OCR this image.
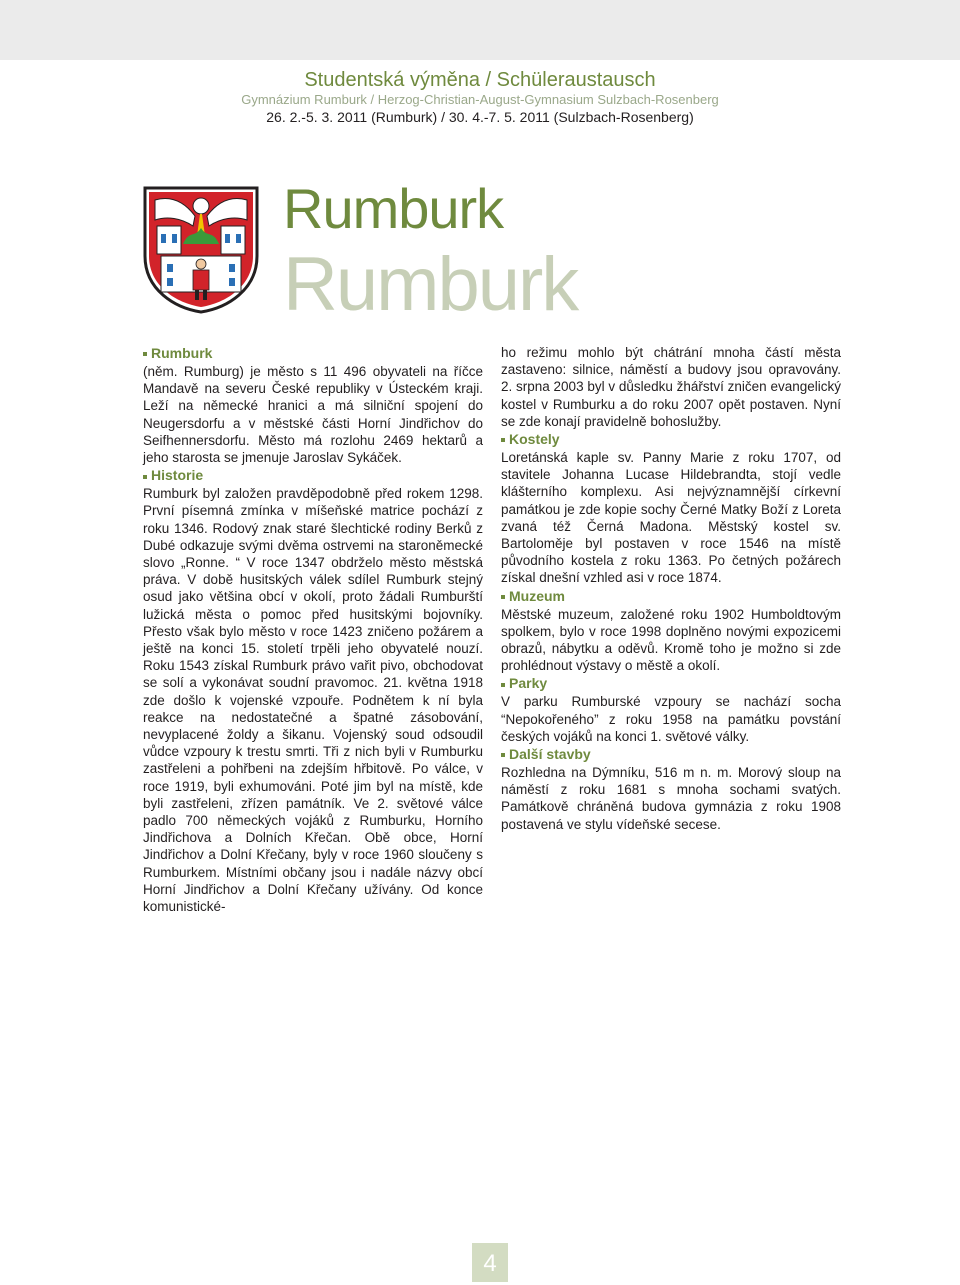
Studentská výměna / Schüleraustausch
Gymnázium Rumburk / Herzog-Christian-August-Gymnasium Sulzbach-Rosenberg
26. 2.-5. 3. 2011 (Rumburk) / 30. 4.-7. 5. 2011 (Sulzbach-Rosenberg)
Rumburk
Rumburk
Rumburk

(něm. Rumburg) je město s 11 496 obyvateli na říčce Mandavě na severu České republiky v Ústeckém kraji. Leží na německé hranici a má silniční spojení do Neugersdorfu a v městské části Horní Jindřichov do Seifhennersdorfu. Město má rozlohu 2469 hektarů a jeho starosta se jmenuje Jaroslav Sykáček.

Historie

Rumburk byl založen pravděpodobně před rokem 1298. První písemná zmínka v míšeňské matrice pochází z roku 1346. Rodový znak staré šlechtické rodiny Berků z Dubé odkazuje svými dvěma ostrvemi na staroněmecké slovo „Ronne. “ V roce 1347 obdrželo město městská práva. V době husitských válek sdílel Rumburk stejný osud jako většina obcí v okolí, proto žádali Rumburští lužická města o pomoc před husitskými bojovníky. Přesto však bylo město v roce 1423 zničeno požárem a ještě na konci 15. století trpěli jeho obyvatelé nouzí. Roku 1543 získal Rumburk právo vařit pivo, obchodovat se solí a vykonávat soudní pravomoc. 21. května 1918 zde došlo k vojenské vzpouře. Podnětem k ní byla reakce na nedostatečné a špatné zásobování, nevyplacené žoldy a šikanu. Vojenský soud odsoudil vůdce vzpoury k trestu smrti. Tři z nich byli v Rumburku zastřeleni a pohřbeni na zdejším hřbitově. Po válce, v roce 1919, byli exhumováni. Poté jim byl na místě, kde byli zastřeleni, zřízen památník. Ve 2. světové válce padlo 700 německých vojáků z Rumburku, Horního Jindřichova a Dolních Křečan. Obě obce, Horní Jindřichov a Dolní Křečany, byly v roce 1960 sloučeny s Rumburkem. Místními občany jsou i nadále názvy obcí Horní Jindřichov a Dolní Křečany užívány. Od konce komunistické-

ho režimu mohlo být chátrání mnoha částí města zastaveno: silnice, náměstí a budovy jsou opravovány. 2. srpna 2003 byl v důsledku žhářství zničen evangelický kostel v Rumburku a do roku 2007 opět postaven. Nyní se zde konají pravidelně bohoslužby.

Kostely

Loretánská kaple sv. Panny Marie z roku 1707, od stavitele Johanna Lucase Hildebrandta, stojí vedle klášterního komplexu. Asi nejvýznamnější církevní památkou je zde kopie sochy Černé Matky Boží z Loreta zvaná též Černá Madona. Městský kostel sv. Bartoloměje byl postaven v roce 1546 na místě původního kostela z roku 1363. Po četných požárech získal dnešní vzhled asi v roce 1874.

Muzeum

Městské muzeum, založené roku 1902 Humboldtovým spolkem, bylo v roce 1998 doplněno novými expozicemi obrazů, nábytku a oděvů. Kromě toho je možno si zde prohlédnout výstavy o městě a okolí.

Parky

V parku Rumburské vzpoury se nachází socha “Nepokořeného” z roku 1958 na památku povstání českých vojáků na konci 1. světové války.

Další stavby

Rozhledna na Dýmníku, 516 m n. m. Morový sloup na náměstí z roku 1681 s mnoha sochami svatých. Památkově chráněná budova gymnázia z roku 1908 postavená ve stylu vídeňské secese.

4
